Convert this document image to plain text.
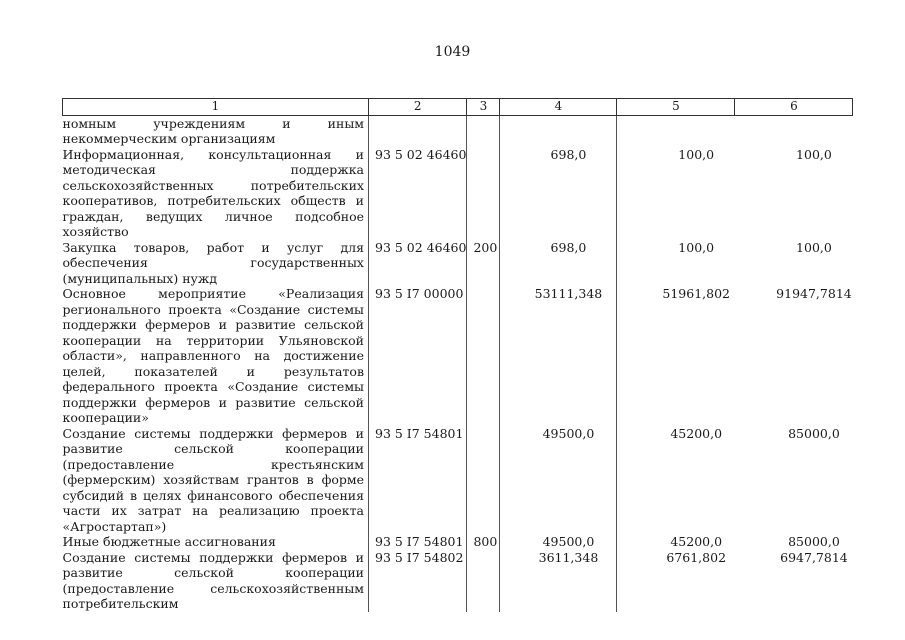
1049
1	2	3	4	5	6
номным учреждениям и иным некоммерческим организациям					
Информационная, консультационная и методическая поддержка сельскохозяйственных потребительских кооперативов, потребительских обществ и граждан, ведущих личное подсобное хозяйство	93 5 02 46460		698,0	100,0	100,0
Закупка товаров, работ и услуг для обеспечения государственных (муниципальных) нужд	93 5 02 46460	200	698,0	100,0	100,0
Основное мероприятие «Реализация регионального проекта «Создание системы поддержки фермеров и развитие сельской кооперации на территории Ульяновской области», направленного на достижение целей, показателей и результатов федерального проекта «Создание системы поддержки фермеров и развитие сельской кооперации»	93 5 I7 00000		53111,348	51961,802	91947,7814
Создание системы поддержки фермеров и развитие сельской кооперации (предоставление крестьянским (фермерским) хозяйствам грантов в форме субсидий в целях финансового обеспечения части их затрат на реализацию проекта «Агростартап»)	93 5 I7 54801		49500,0	45200,0	85000,0
Иные бюджетные ассигнования	93 5 I7 54801	800	49500,0	45200,0	85000,0
Создание системы поддержки фермеров и развитие сельской кооперации (предоставление сельскохозяйственным потребительским	93 5 I7 54802		3611,348	6761,802	6947,7814
